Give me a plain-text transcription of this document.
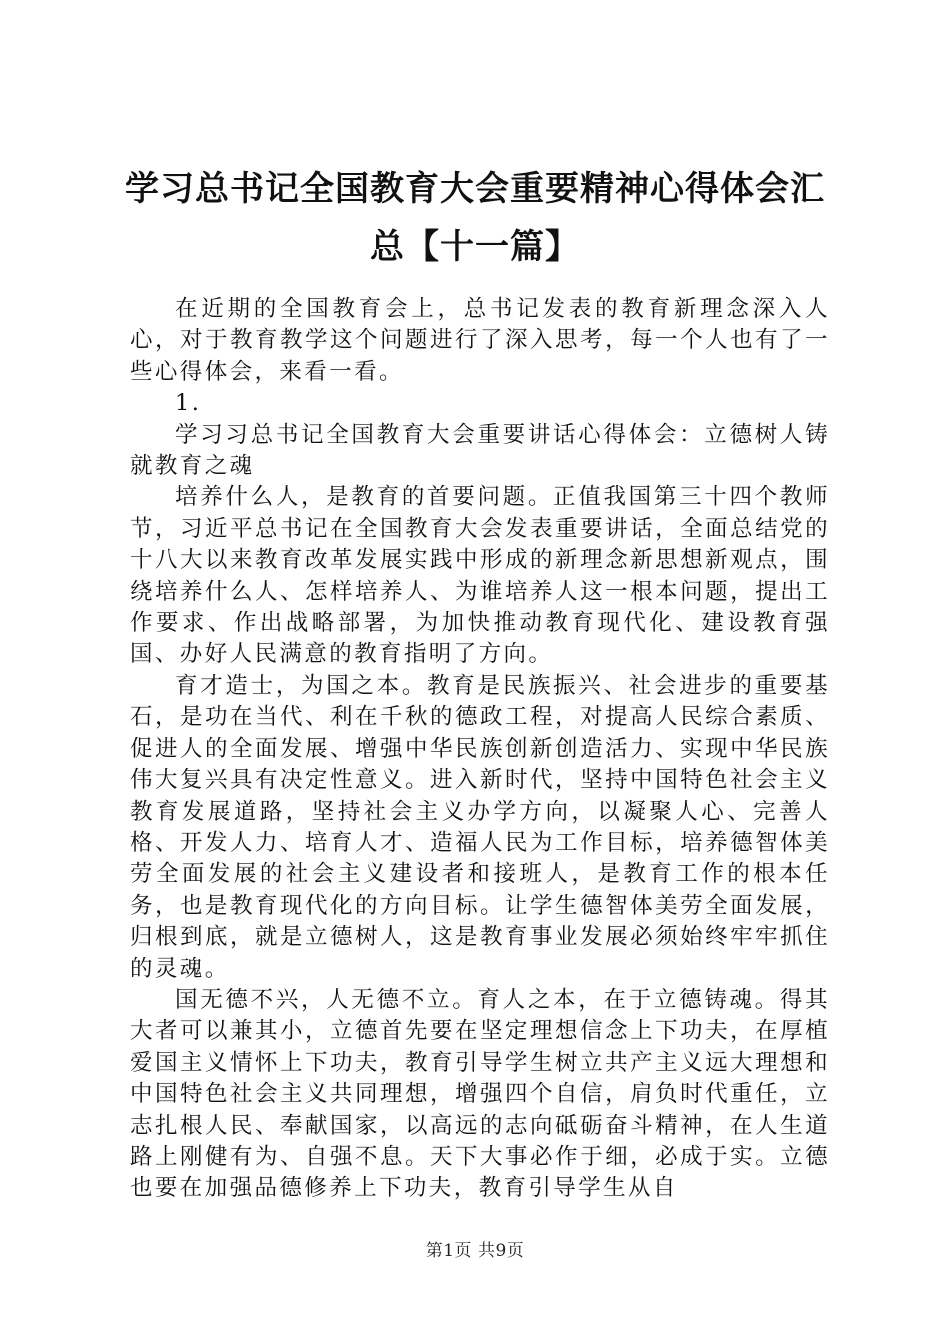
学习总书记全国教育大会重要精神心得体会汇
总【十一篇】

在近期的全国教育会上，总书记发表的教育新理念深入人心，对于教育教学这个问题进行了深入思考，每一个人也有了一些心得体会，来看一看。

1.

学习习总书记全国教育大会重要讲话心得体会：立德树人铸就教育之魂

培养什么人，是教育的首要问题。正值我国第三十四个教师节，习近平总书记在全国教育大会发表重要讲话，全面总结党的十八大以来教育改革发展实践中形成的新理念新思想新观点，围绕培养什么人、怎样培养人、为谁培养人这一根本问题，提出工作要求、作出战略部署，为加快推动教育现代化、建设教育强国、办好人民满意的教育指明了方向。

育才造士，为国之本。教育是民族振兴、社会进步的重要基石，是功在当代、利在千秋的德政工程，对提高人民综合素质、促进人的全面发展、增强中华民族创新创造活力、实现中华民族伟大复兴具有决定性意义。进入新时代，坚持中国特色社会主义教育发展道路，坚持社会主义办学方向，以凝聚人心、完善人格、开发人力、培育人才、造福人民为工作目标，培养德智体美劳全面发展的社会主义建设者和接班人，是教育工作的根本任务，也是教育现代化的方向目标。让学生德智体美劳全面发展，归根到底，就是立德树人，这是教育事业发展必须始终牢牢抓住的灵魂。

国无德不兴，人无德不立。育人之本，在于立德铸魂。得其大者可以兼其小，立德首先要在坚定理想信念上下功夫，在厚植爱国主义情怀上下功夫，教育引导学生树立共产主义远大理想和中国特色社会主义共同理想，增强四个自信，肩负时代重任，立志扎根人民、奉献国家，以高远的志向砥砺奋斗精神，在人生道路上刚健有为、自强不息。天下大事必作于细，必成于实。立德也要在加强品德修养上下功夫，教育引导学生从自

第1页 共9页
